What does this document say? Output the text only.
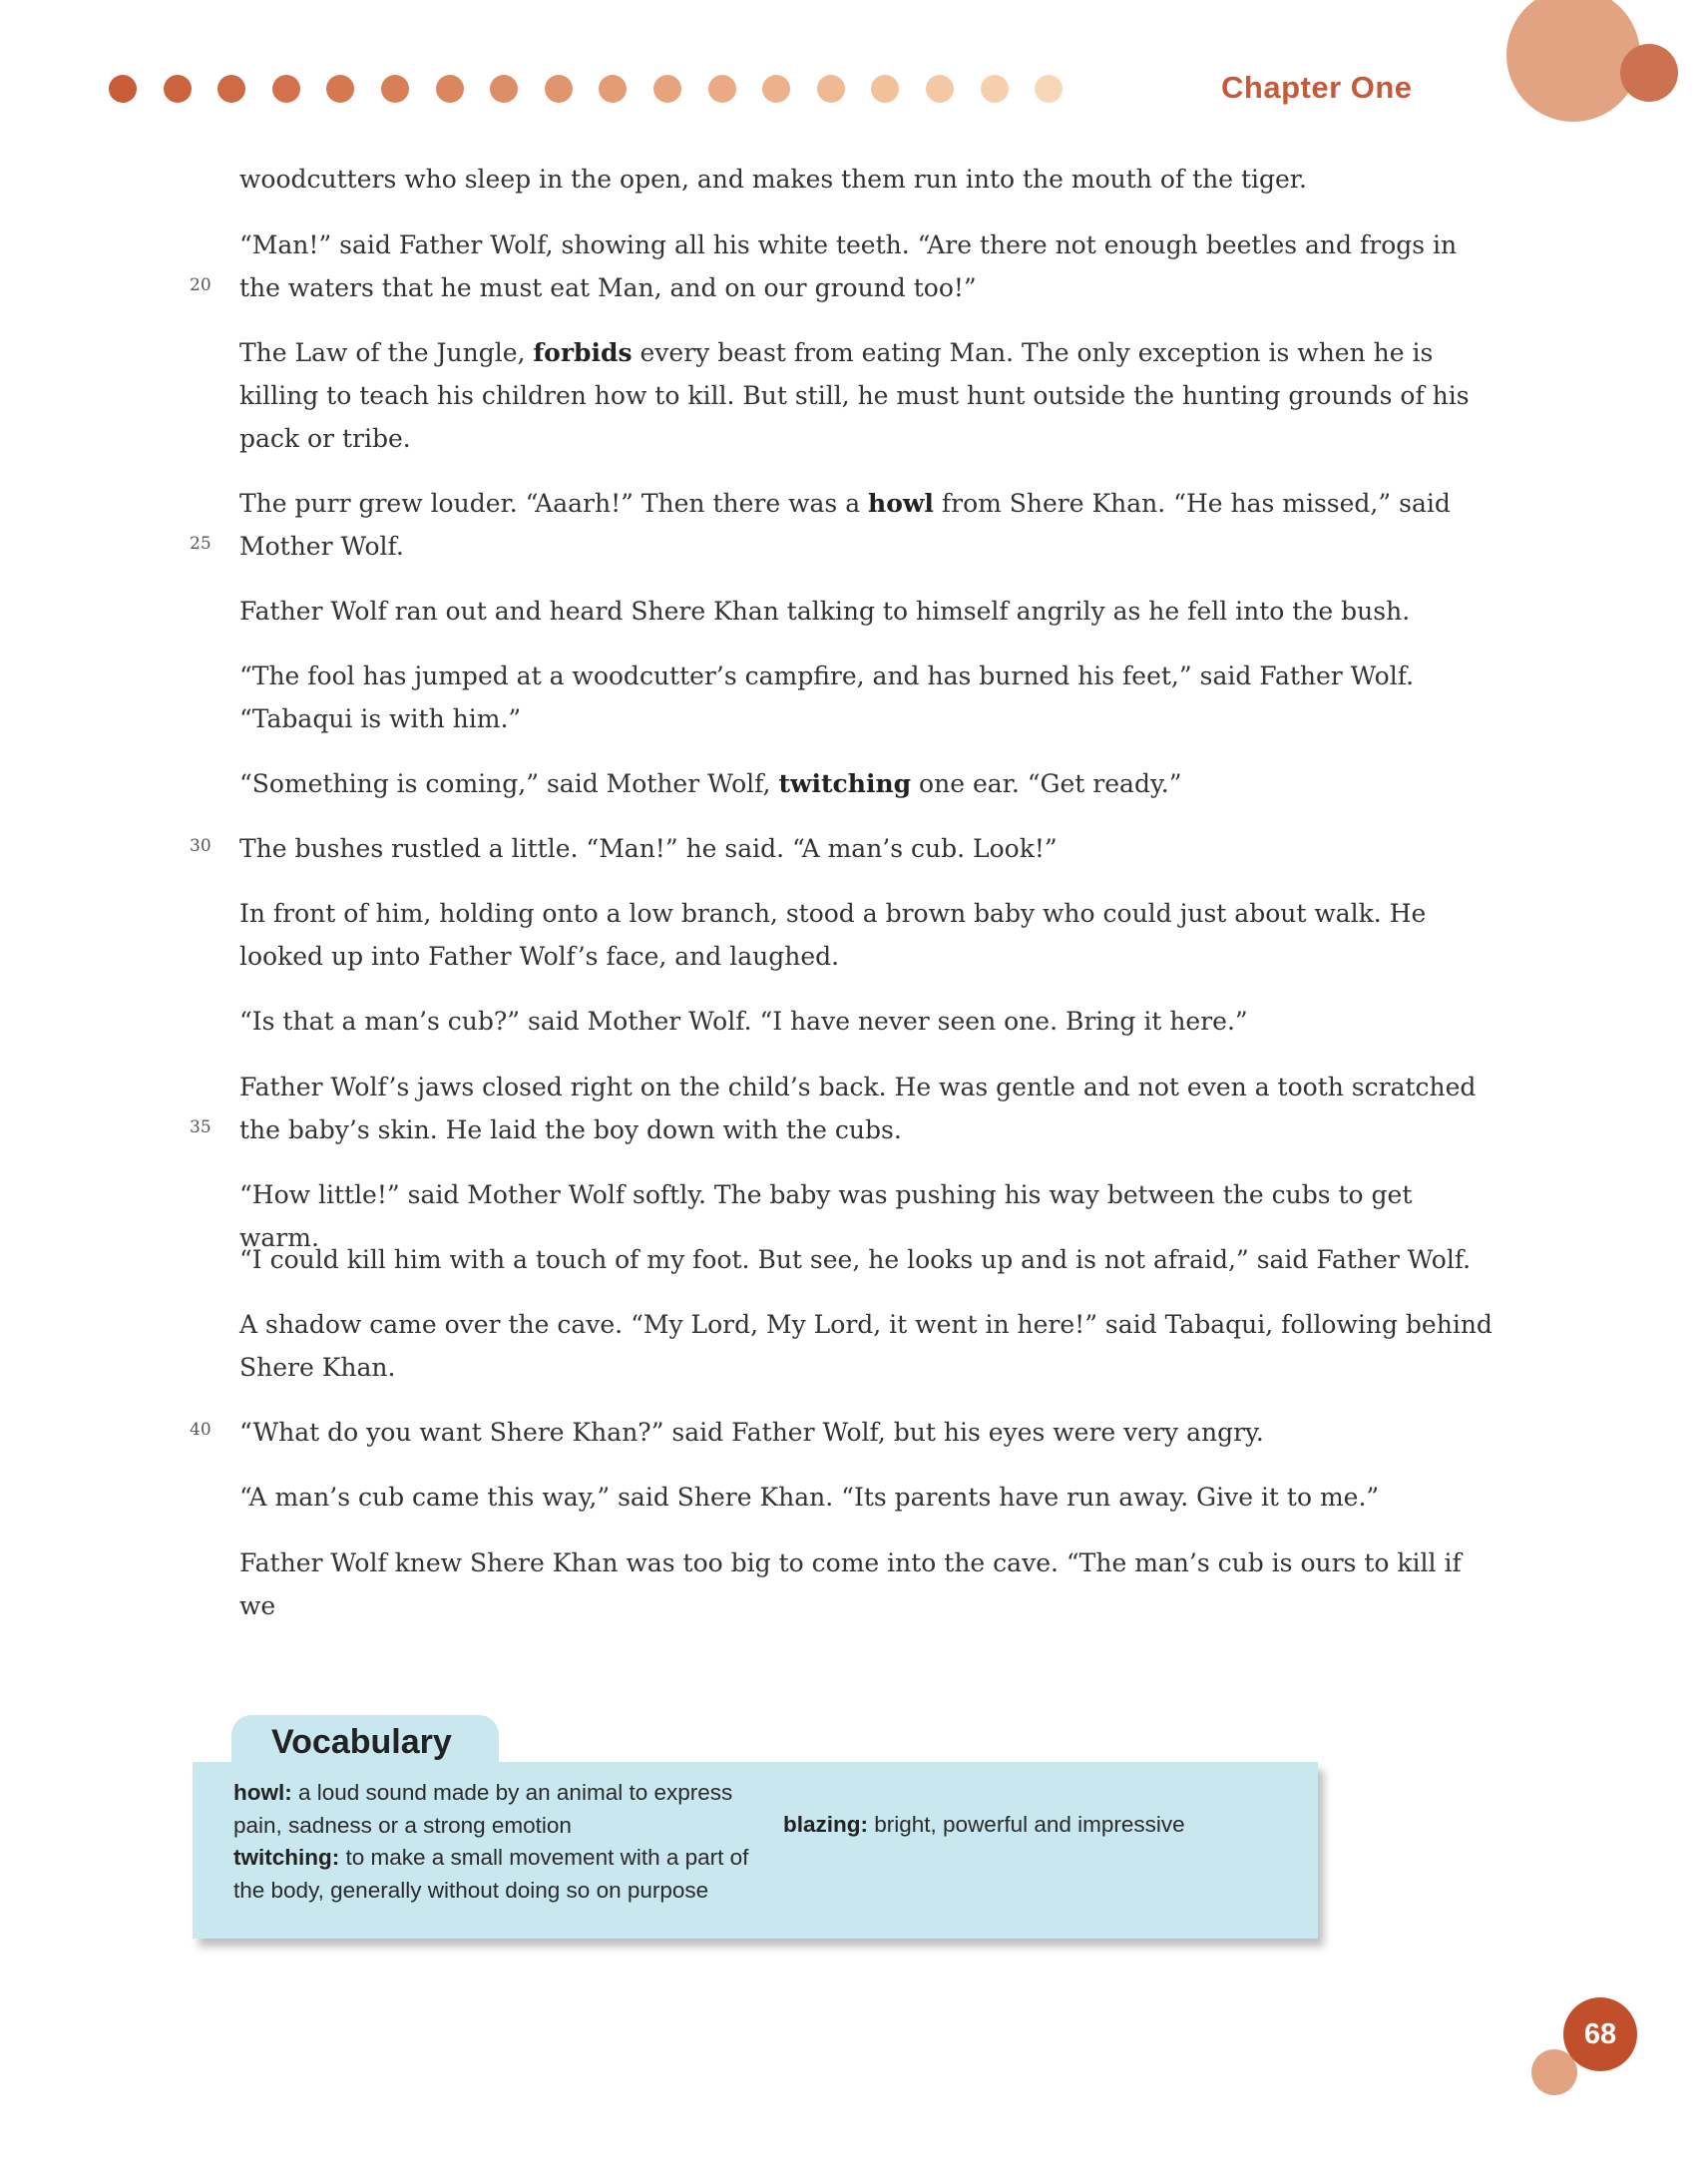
Chapter One

woodcutters who sleep in the open, and makes them run into the mouth of the tiger.

“Man!” said Father Wolf, showing all his white teeth. “Are there not enough beetles and frogs in the waters that he must eat Man, and on our ground too!”

The Law of the Jungle, forbids every beast from eating Man. The only exception is when he is killing to teach his children how to kill. But still, he must hunt outside the hunting grounds of his pack or tribe.

The purr grew louder. “Aaarh!” Then there was a howl from Shere Khan. “He has missed,” said Mother Wolf.

Father Wolf ran out and heard Shere Khan talking to himself angrily as he fell into the bush.

“The fool has jumped at a woodcutter’s campfire, and has burned his feet,” said Father Wolf. “Tabaqui is with him.”

“Something is coming,” said Mother Wolf, twitching one ear. “Get ready.”

The bushes rustled a little. “Man!” he said. “A man’s cub. Look!”

In front of him, holding onto a low branch, stood a brown baby who could just about walk. He looked up into Father Wolf’s face, and laughed.

“Is that a man’s cub?” said Mother Wolf. “I have never seen one. Bring it here.”

Father Wolf’s jaws closed right on the child’s back. He was gentle and not even a tooth scratched the baby’s skin. He laid the boy down with the cubs.

“How little!” said Mother Wolf softly. The baby was pushing his way between the cubs to get warm.

“I could kill him with a touch of my foot. But see, he looks up and is not afraid,” said Father Wolf.

A shadow came over the cave. “My Lord, My Lord, it went in here!” said Tabaqui, following behind Shere Khan.

“What do you want Shere Khan?” said Father Wolf, but his eyes were very angry.

“A man’s cub came this way,” said Shere Khan. “Its parents have run away. Give it to me.”

Father Wolf knew Shere Khan was too big to come into the cave. “The man’s cub is ours to kill if we

20
25
30
35
40
Vocabulary

howl: a loud sound made by an animal to express pain, sadness or a strong emotion
twitching: to make a small movement with a part of the body, generally without doing so on purpose

blazing: bright, powerful and impressive

68
